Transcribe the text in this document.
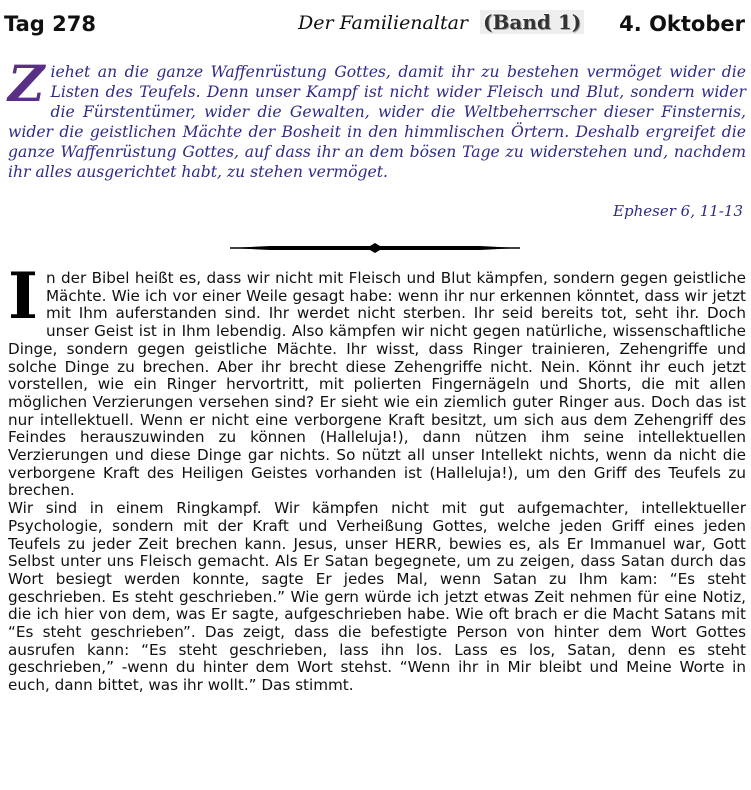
Tag 278	Der Familienaltar (Band 1) 4. Oktober
Ziehet an die ganze Waffenrüstung Gottes, damit ihr zu bestehen vermöget wider die Listen des Teufels. Denn unser Kampf ist nicht wider Fleisch und Blut, sondern wider die Fürstentümer, wider die Gewalten, wider die Weltbeherrscher dieser Finsternis, wider die geistlichen Mächte der Bosheit in den himmlischen Örtern. Deshalb ergreifet die ganze Waffenrüstung Gottes, auf dass ihr an dem bösen Tage zu widerstehen und, nachdem ihr alles ausgerichtet habt, zu stehen vermöget.
Epheser 6, 11-13

In der Bibel heißt es, dass wir nicht mit Fleisch und Blut kämpfen, sondern gegen geistliche Mächte. Wie ich vor einer Weile gesagt habe: wenn ihr nur erkennen könntet, dass wir jetzt mit Ihm auferstanden sind. Ihr werdet nicht sterben. Ihr seid bereits tot, seht ihr. Doch unser Geist ist in Ihm lebendig. Also kämpfen wir nicht gegen natürliche, wissenschaftliche Dinge, sondern gegen geistliche Mächte. Ihr wisst, dass Ringer trainieren, Zehengriffe und solche Dinge zu brechen. Aber ihr brecht diese Zehengriffe nicht. Nein. Könnt ihr euch jetzt vorstellen, wie ein Ringer hervortritt, mit polierten Fingernägeln und Shorts, die mit allen möglichen Verzierungen versehen sind? Er sieht wie ein ziemlich guter Ringer aus. Doch das ist nur intellektuell. Wenn er nicht eine verborgene Kraft besitzt, um sich aus dem Zehengriff des Feindes herauszuwinden zu können (Halleluja!), dann nützen ihm seine intellektuellen Verzierungen und diese Dinge gar nichts. So nützt all unser Intellekt nichts, wenn da nicht die verborgene Kraft des Heiligen Geistes vorhanden ist (Halleluja!), um den Griff des Teufels zu brechen.

Wir sind in einem Ringkampf. Wir kämpfen nicht mit gut aufgemachter, intellektueller Psychologie, sondern mit der Kraft und Verheißung Gottes, welche jeden Griff eines jeden Teufels zu jeder Zeit brechen kann. Jesus, unser HERR, bewies es, als Er Immanuel war, Gott Selbst unter uns Fleisch gemacht. Als Er Satan begegnete, um zu zeigen, dass Satan durch das Wort besiegt werden konnte, sagte Er jedes Mal, wenn Satan zu Ihm kam: “Es steht geschrieben. Es steht geschrieben.” Wie gern würde ich jetzt etwas Zeit nehmen für eine Notiz, die ich hier von dem, was Er sagte, aufgeschrieben habe. Wie oft brach er die Macht Satans mit “Es steht geschrieben”. Das zeigt, dass die befestigte Person von hinter dem Wort Gottes ausrufen kann: “Es steht geschrieben, lass ihn los. Lass es los, Satan, denn es steht geschrieben,” -wenn du hinter dem Wort stehst. “Wenn ihr in Mir bleibt und Meine Worte in euch, dann bittet, was ihr wollt.” Das stimmt.
